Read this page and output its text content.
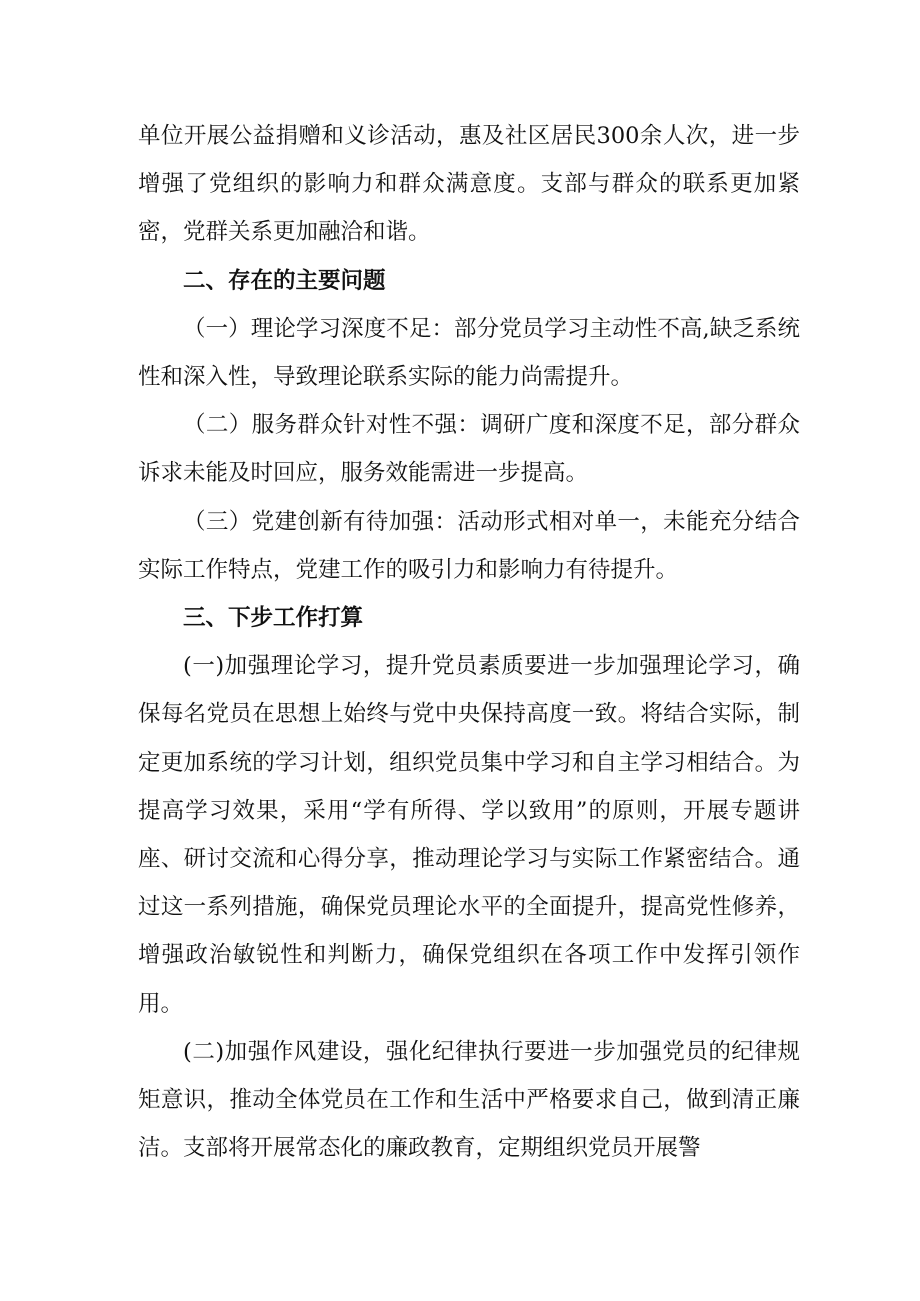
单位开展公益捐赠和义诊活动，惠及社区居民300余人次，进一步增强了党组织的影响力和群众满意度。支部与群众的联系更加紧密，党群关系更加融洽和谐。

二、存在的主要问题

（一）理论学习深度不足：部分党员学习主动性不高,缺乏系统性和深入性，导致理论联系实际的能力尚需提升。

（二）服务群众针对性不强：调研广度和深度不足，部分群众诉求未能及时回应，服务效能需进一步提高。

（三）党建创新有待加强：活动形式相对单一，未能充分结合实际工作特点，党建工作的吸引力和影响力有待提升。

三、下步工作打算

(一)加强理论学习，提升党员素质要进一步加强理论学习，确保每名党员在思想上始终与党中央保持高度一致。将结合实际，制定更加系统的学习计划，组织党员集中学习和自主学习相结合。为提高学习效果，采用“学有所得、学以致用”的原则，开展专题讲座、研讨交流和心得分享，推动理论学习与实际工作紧密结合。通过这一系列措施，确保党员理论水平的全面提升，提高党性修养，增强政治敏锐性和判断力，确保党组织在各项工作中发挥引领作用。

(二)加强作风建设，强化纪律执行要进一步加强党员的纪律规矩意识，推动全体党员在工作和生活中严格要求自己，做到清正廉洁。支部将开展常态化的廉政教育，定期组织党员开展警
